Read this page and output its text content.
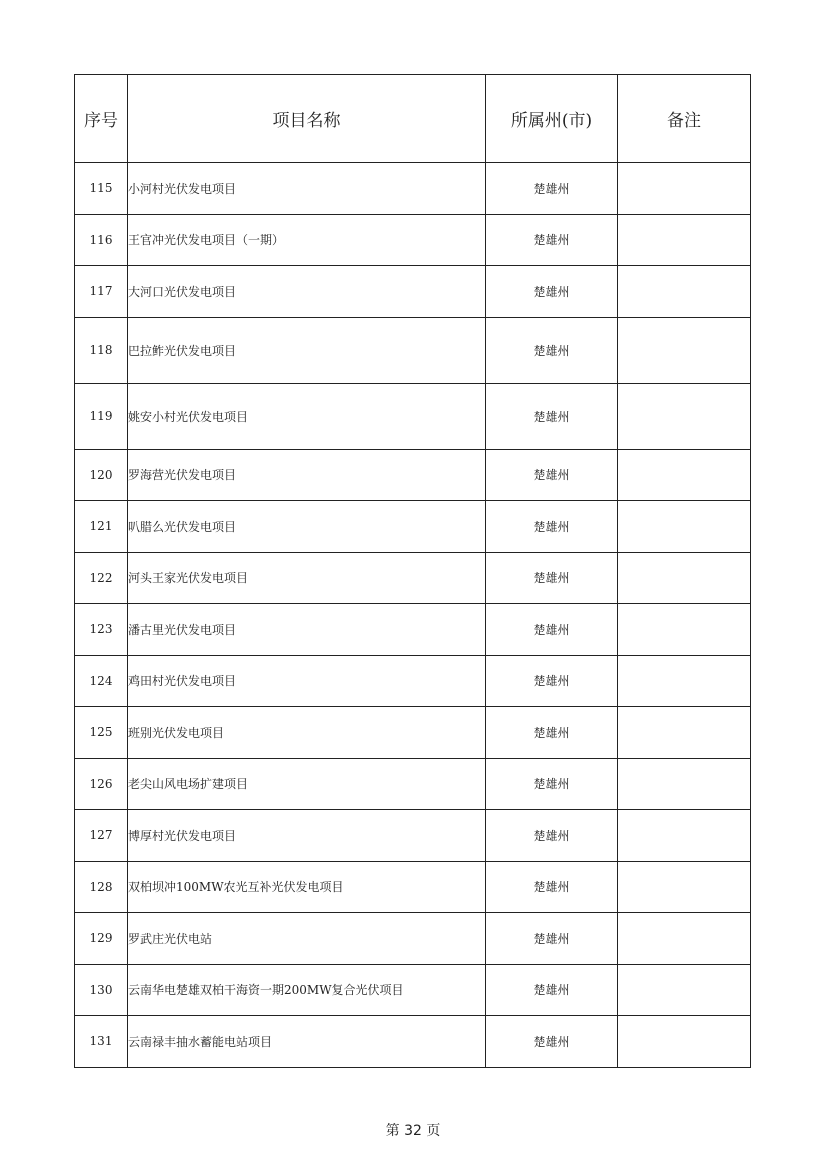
序号	项目名称	所属州(市)	备注
115	小河村光伏发电项目	楚雄州	
116	王官冲光伏发电项目（一期）	楚雄州	
117	大河口光伏发电项目	楚雄州	
118	巴拉鲊光伏发电项目	楚雄州	
119	姚安小村光伏发电项目	楚雄州	
120	罗海营光伏发电项目	楚雄州	
121	叭腊么光伏发电项目	楚雄州	
122	河头王家光伏发电项目	楚雄州	
123	潘古里光伏发电项目	楚雄州	
124	鸡田村光伏发电项目	楚雄州	
125	班别光伏发电项目	楚雄州	
126	老尖山风电场扩建项目	楚雄州	
127	博厚村光伏发电项目	楚雄州	
128	双柏坝冲100MW农光互补光伏发电项目	楚雄州	
129	罗武庄光伏电站	楚雄州	
130	云南华电楚雄双柏干海资一期200MW复合光伏项目	楚雄州	
131	云南禄丰抽水蓄能电站项目	楚雄州	
第 32 页
